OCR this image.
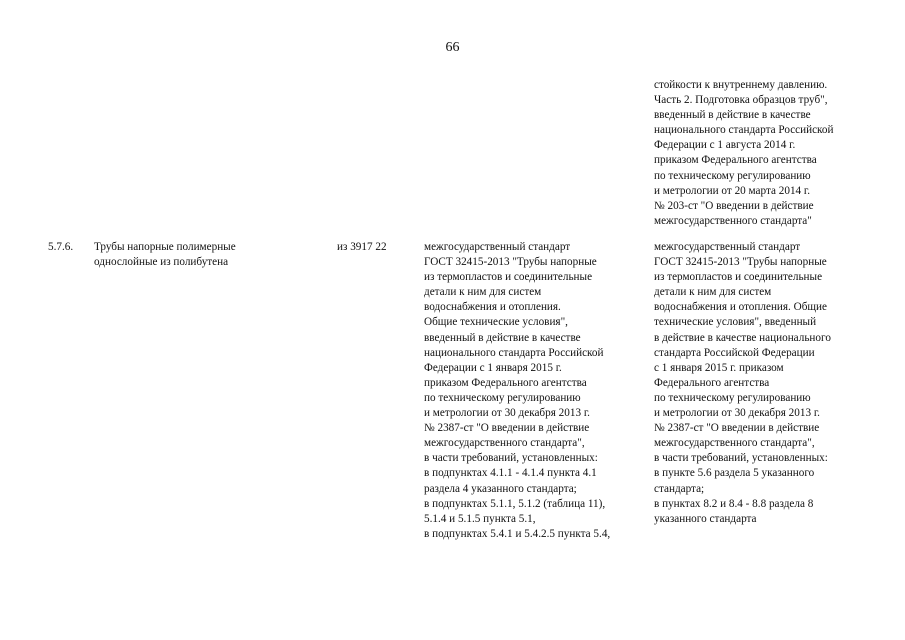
66
стойкости к внутреннему давлению.
Часть 2. Подготовка образцов труб",
введенный в действие в качестве
национального стандарта Российской
Федерации с 1 августа 2014 г.
приказом Федерального агентства
по техническому регулированию
и метрологии от 20 марта 2014 г.
№ 203-ст "О введении в действие
межгосударственного стандарта"
5.7.6.	Трубы напорные полимерные
однослойные из полибутена
из 3917 22	межгосударственный стандарт
ГОСТ 32415-2013 "Трубы напорные
из термопластов и соединительные
детали к ним для систем
водоснабжения и отопления.
Общие технические условия",
введенный в действие в качестве
национального стандарта Российской
Федерации с 1 января 2015 г.
приказом Федерального агентства
по техническому регулированию
и метрологии от 30 декабря 2013 г.
№ 2387-ст "О введении в действие
межгосударственного стандарта",
в части требований, установленных:
в подпунктах 4.1.1 - 4.1.4 пункта 4.1
раздела 4 указанного стандарта;
в подпунктах 5.1.1, 5.1.2 (таблица 11),
5.1.4 и 5.1.5 пункта 5.1,
в подпунктах 5.4.1 и 5.4.2.5 пункта 5.4,
межгосударственный стандарт
ГОСТ 32415-2013 "Трубы напорные
из термопластов и соединительные
детали к ним для систем
водоснабжения и отопления. Общие
технические условия", введенный
в действие в качестве национального
стандарта Российской Федерации
с 1 января 2015 г. приказом
Федерального агентства
по техническому регулированию
и метрологии от 30 декабря 2013 г.
№ 2387-ст "О введении в действие
межгосударственного стандарта",
в части требований, установленных:
в пункте 5.6 раздела 5 указанного
стандарта;
в пунктах 8.2 и 8.4 - 8.8 раздела 8
указанного стандарта
